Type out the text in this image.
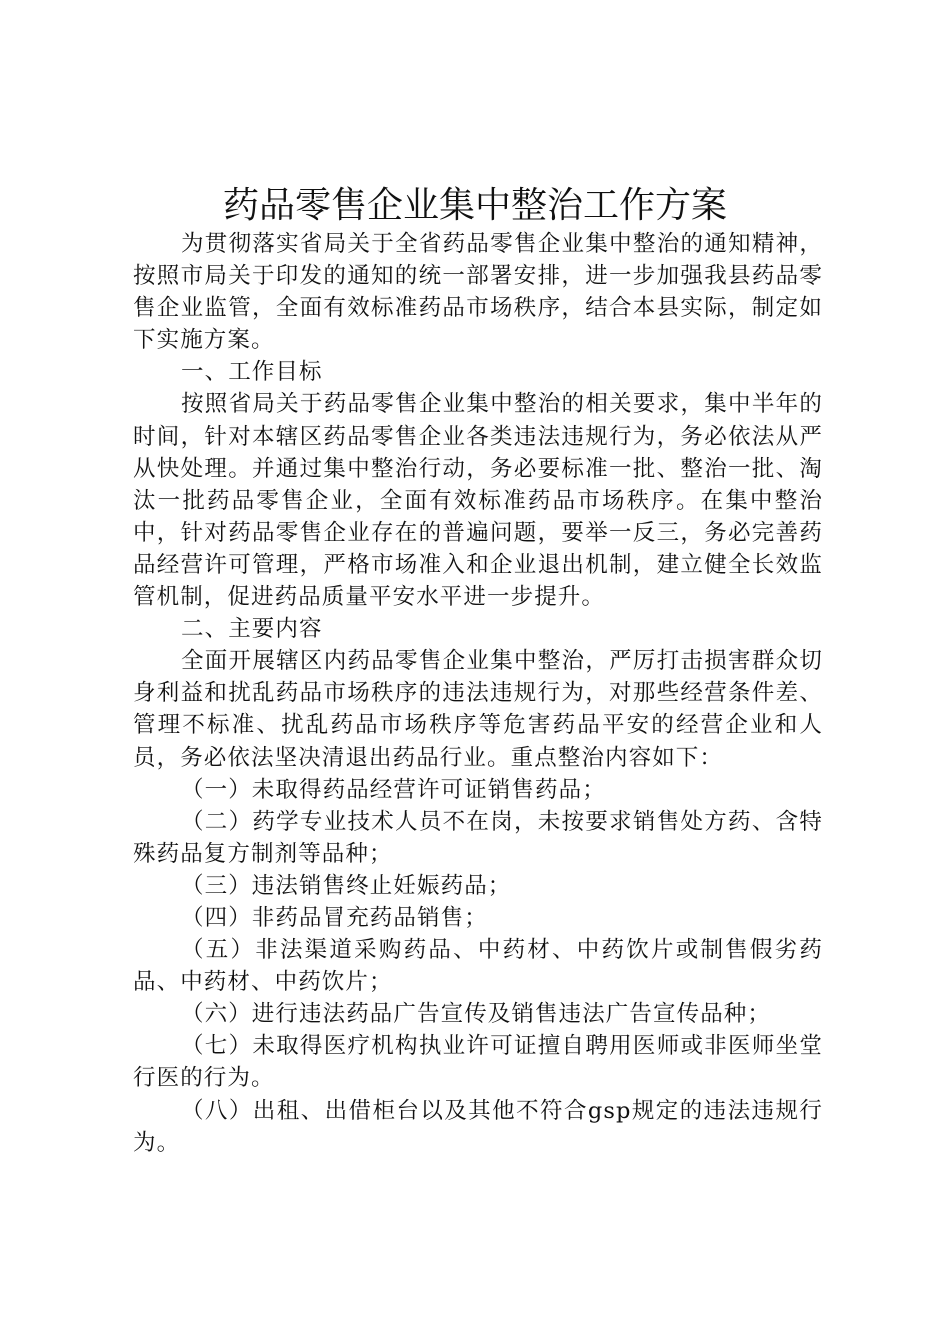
药品零售企业集中整治工作方案

为贯彻落实省局关于全省药品零售企业集中整治的通知精神，按照市局关于印发的通知的统一部署安排，进一步加强我县药品零售企业监管，全面有效标准药品市场秩序，结合本县实际，制定如下实施方案。

一、工作目标

按照省局关于药品零售企业集中整治的相关要求，集中半年的时间，针对本辖区药品零售企业各类违法违规行为，务必依法从严从快处理。并通过集中整治行动，务必要标准一批、整治一批、淘汰一批药品零售企业，全面有效标准药品市场秩序。在集中整治中，针对药品零售企业存在的普遍问题，要举一反三，务必完善药品经营许可管理，严格市场准入和企业退出机制，建立健全长效监管机制，促进药品质量平安水平进一步提升。

二、主要内容

全面开展辖区内药品零售企业集中整治，严厉打击损害群众切身利益和扰乱药品市场秩序的违法违规行为，对那些经营条件差、管理不标准、扰乱药品市场秩序等危害药品平安的经营企业和人员，务必依法坚决清退出药品行业。重点整治内容如下：

（一）未取得药品经营许可证销售药品；

（二）药学专业技术人员不在岗，未按要求销售处方药、含特殊药品复方制剂等品种；

（三）违法销售终止妊娠药品；

（四）非药品冒充药品销售；

（五）非法渠道采购药品、中药材、中药饮片或制售假劣药品、中药材、中药饮片；

（六）进行违法药品广告宣传及销售违法广告宣传品种；

（七）未取得医疗机构执业许可证擅自聘用医师或非医师坐堂行医的行为。

（八）出租、出借柜台以及其他不符合gsp规定的违法违规行为。
